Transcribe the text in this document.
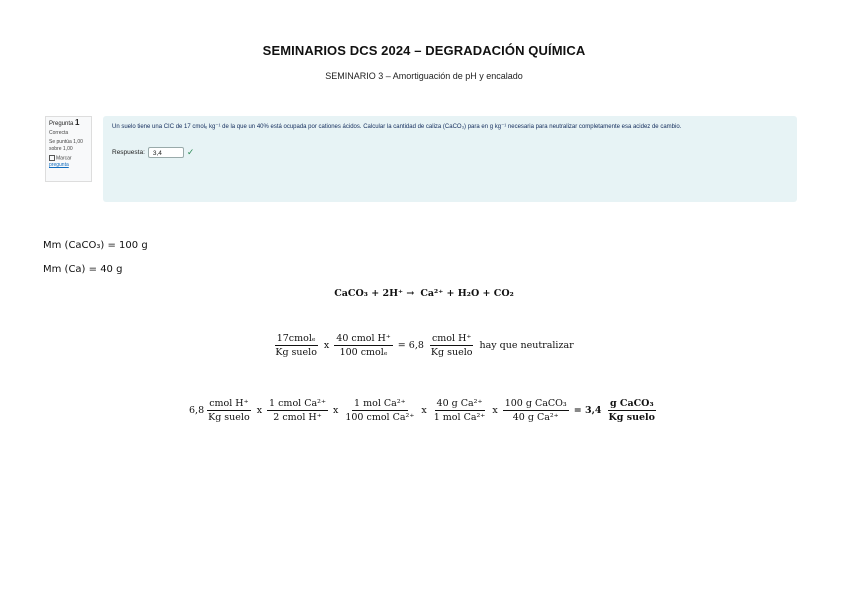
SEMINARIOS DCS 2024 – DEGRADACIÓN QUÍMICA
SEMINARIO 3 – Amortiguación de pH y encalado
Pregunta 1
Correcta
Se puntúa 1,00 sobre 1,00
Marcar
pregunta
Un suelo tiene una CIC de 17 cmolₑ kg⁻¹ de la que un 40% está ocupada por cationes ácidos. Calcular la cantidad de caliza (CaCO₃) para en g kg⁻¹ necesaria para neutralizar completamente esa acidez de cambio.
Respuesta:	3,4	✓
Mm (CaCO₃) = 100 g
Mm (Ca) = 40 g
CaCO₃ + 2H⁺ → Ca²⁺ + H₂O + CO₂
$\frac{\text{17cmolₑ}}{\text{Kg suelo}}$ x $\frac{\text{40 cmol H⁺}}{\text{100 cmolₑ}} = 6,8 \frac{\text{cmol H⁺}}{\text{Kg suelo}}$ hay que neutralizar
$6,8 \frac{\text{cmol H⁺}}{\text{Kg suelo}}$ x $\frac{\text{1 cmol Ca²⁺}}{\text{2 cmol H⁺}}$ x $\frac{\text{1 mol Ca²⁺}}{\text{100 cmol Ca²⁺}}$ x $\frac{\text{40 g Ca²⁺}}{\text{1 mol Ca²⁺}}$ x $\frac{\text{100 g CaCO₃}}{\text{40 g Ca²⁺}} = 3,4 \frac{\text{g CaCO₃}}{\text{Kg suelo}}$
